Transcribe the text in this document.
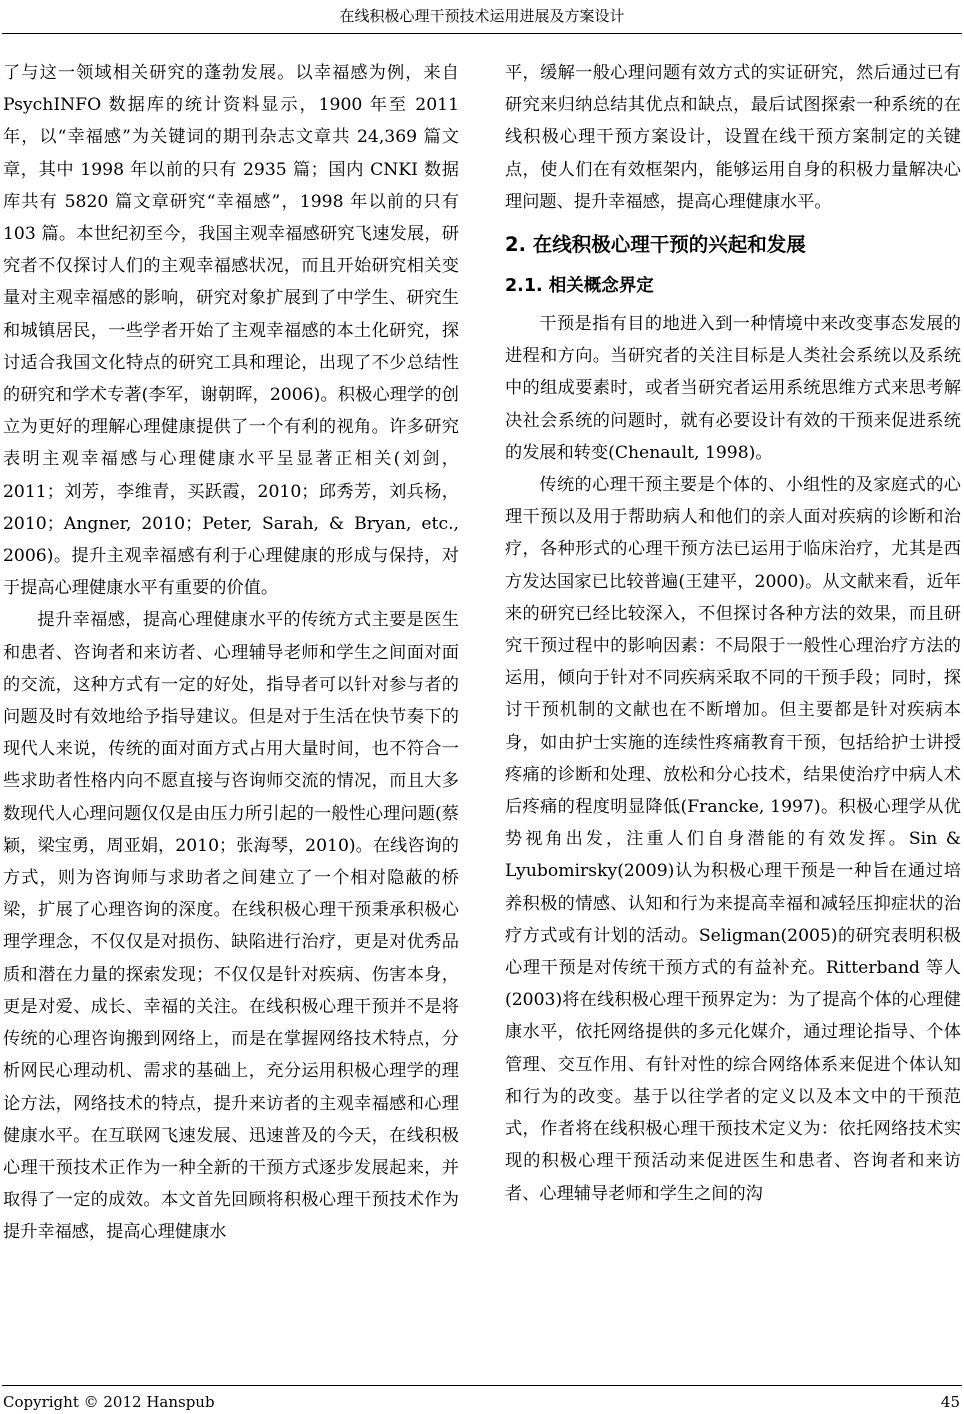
在线积极心理干预技术运用进展及方案设计

了与这一领域相关研究的蓬勃发展。以幸福感为例，来自 PsychINFO 数据库的统计资料显示，1900 年至 2011 年，以“幸福感”为关键词的期刊杂志文章共 24,369 篇文章，其中 1998 年以前的只有 2935 篇；国内 CNKI 数据库共有 5820 篇文章研究“幸福感”，1998 年以前的只有 103 篇。本世纪初至今，我国主观幸福感研究飞速发展，研究者不仅探讨人们的主观幸福感状况，而且开始研究相关变量对主观幸福感的影响，研究对象扩展到了中学生、研究生和城镇居民，一些学者开始了主观幸福感的本土化研究，探讨适合我国文化特点的研究工具和理论，出现了不少总结性的研究和学术专著(李军，谢朝晖，2006)。积极心理学的创立为更好的理解心理健康提供了一个有利的视角。许多研究表明主观幸福感与心理健康水平呈显著正相关(刘剑，2011；刘芳，李维青，买跃霞，2010；邱秀芳，刘兵杨，2010；Angner, 2010；Peter, Sarah, & Bryan, etc., 2006)。提升主观幸福感有利于心理健康的形成与保持，对于提高心理健康水平有重要的价值。

提升幸福感，提高心理健康水平的传统方式主要是医生和患者、咨询者和来访者、心理辅导老师和学生之间面对面的交流，这种方式有一定的好处，指导者可以针对参与者的问题及时有效地给予指导建议。但是对于生活在快节奏下的现代人来说，传统的面对面方式占用大量时间，也不符合一些求助者性格内向不愿直接与咨询师交流的情况，而且大多数现代人心理问题仅仅是由压力所引起的一般性心理问题(蔡颖，梁宝勇，周亚娟，2010；张海琴，2010)。在线咨询的方式，则为咨询师与求助者之间建立了一个相对隐蔽的桥梁，扩展了心理咨询的深度。在线积极心理干预秉承积极心理学理念，不仅仅是对损伤、缺陷进行治疗，更是对优秀品质和潜在力量的探索发现；不仅仅是针对疾病、伤害本身，更是对爱、成长、幸福的关注。在线积极心理干预并不是将传统的心理咨询搬到网络上，而是在掌握网络技术特点，分析网民心理动机、需求的基础上，充分运用积极心理学的理论方法，网络技术的特点，提升来访者的主观幸福感和心理健康水平。在互联网飞速发展、迅速普及的今天，在线积极心理干预技术正作为一种全新的干预方式逐步发展起来，并取得了一定的成效。本文首先回顾将积极心理干预技术作为提升幸福感，提高心理健康水

平，缓解一般心理问题有效方式的实证研究，然后通过已有研究来归纳总结其优点和缺点，最后试图探索一种系统的在线积极心理干预方案设计，设置在线干预方案制定的关键点，使人们在有效框架内，能够运用自身的积极力量解决心理问题、提升幸福感，提高心理健康水平。

2. 在线积极心理干预的兴起和发展
2.1. 相关概念界定

干预是指有目的地进入到一种情境中来改变事态发展的进程和方向。当研究者的关注目标是人类社会系统以及系统中的组成要素时，或者当研究者运用系统思维方式来思考解决社会系统的问题时，就有必要设计有效的干预来促进系统的发展和转变(Chenault, 1998)。

传统的心理干预主要是个体的、小组性的及家庭式的心理干预以及用于帮助病人和他们的亲人面对疾病的诊断和治疗，各种形式的心理干预方法已运用于临床治疗，尤其是西方发达国家已比较普遍(王建平，2000)。从文献来看，近年来的研究已经比较深入，不但探讨各种方法的效果，而且研究干预过程中的影响因素：不局限于一般性心理治疗方法的运用，倾向于针对不同疾病采取不同的干预手段；同时，探讨干预机制的文献也在不断增加。但主要都是针对疾病本身，如由护士实施的连续性疼痛教育干预，包括给护士讲授疼痛的诊断和处理、放松和分心技术，结果使治疗中病人术后疼痛的程度明显降低(Francke, 1997)。积极心理学从优势视角出发，注重人们自身潜能的有效发挥。Sin & Lyubomirsky(2009)认为积极心理干预是一种旨在通过培养积极的情感、认知和行为来提高幸福和减轻压抑症状的治疗方式或有计划的活动。Seligman(2005)的研究表明积极心理干预是对传统干预方式的有益补充。Ritterband 等人(2003)将在线积极心理干预界定为：为了提高个体的心理健康水平，依托网络提供的多元化媒介，通过理论指导、个体管理、交互作用、有针对性的综合网络体系来促进个体认知和行为的改变。基于以往学者的定义以及本文中的干预范式，作者将在线积极心理干预技术定义为：依托网络技术实现的积极心理干预活动来促进医生和患者、咨询者和来访者、心理辅导老师和学生之间的沟

Copyright © 2012 Hanspub	45
